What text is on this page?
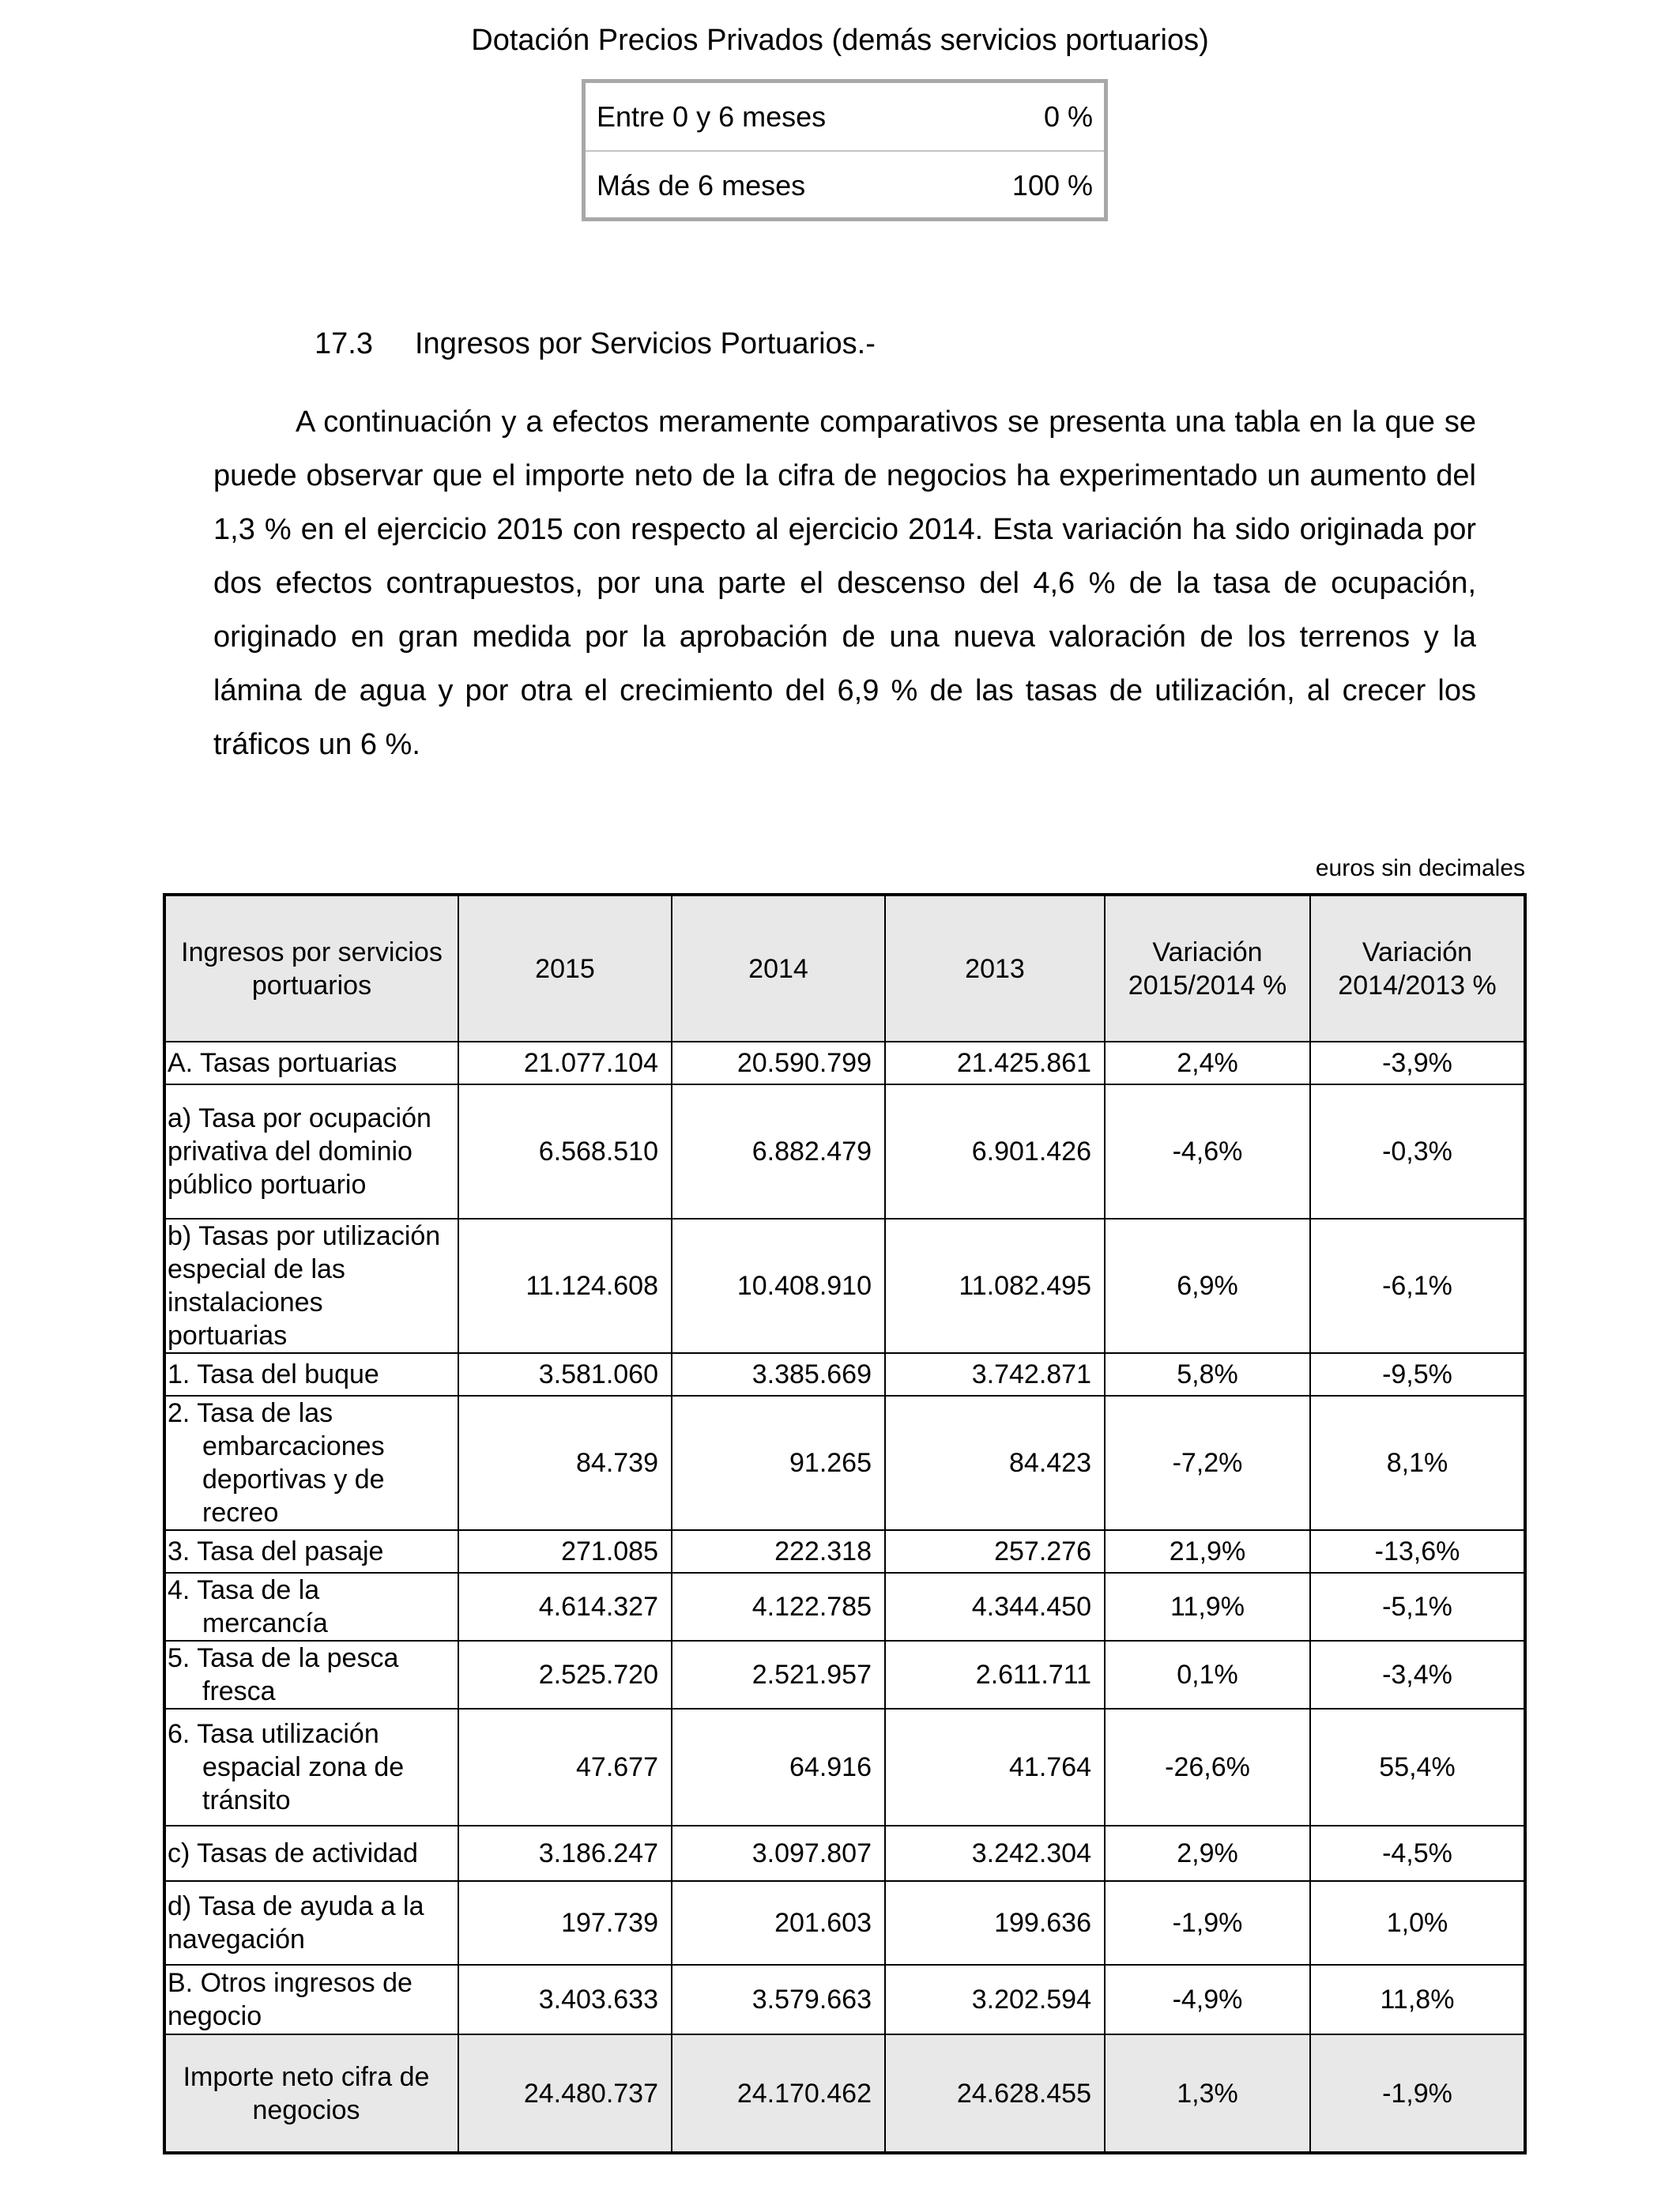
Dotación Precios Privados (demás servicios portuarios)
Entre 0 y 6 meses	0 %
Más de 6 meses	100 %
17.3 Ingresos por Servicios Portuarios.-

A continuación y a efectos meramente comparativos se presenta una tabla en la que se puede observar que el importe neto de la cifra de negocios ha experimentado un aumento del 1,3 % en el ejercicio 2015 con respecto al ejercicio 2014. Esta variación ha sido originada por dos efectos contrapuestos, por una parte el descenso del 4,6 % de la tasa de ocupación, originado en gran medida por la aprobación de una nueva valoración de los terrenos y la lámina de agua y por otra el crecimiento del 6,9 % de las tasas de utilización, al crecer los tráficos un 6 %.

euros sin decimales
Ingresos por servicios portuarios	2015	2014	2013	Variación 2015/2014 %	Variación 2014/2013 %
A. Tasas portuarias	21.077.104	20.590.799	21.425.861	2,4%	-3,9%
a) Tasa por ocupación privativa del dominio público portuario	6.568.510	6.882.479	6.901.426	-4,6%	-0,3%
b) Tasas por utilización especial de las instalaciones portuarias	11.124.608	10.408.910	11.082.495	6,9%	-6,1%
1. Tasa del buque	3.581.060	3.385.669	3.742.871	5,8%	-9,5%
2. Tasa de las embarcaciones deportivas y de recreo	84.739	91.265	84.423	-7,2%	8,1%
3. Tasa del pasaje	271.085	222.318	257.276	21,9%	-13,6%
4. Tasa de la mercancía	4.614.327	4.122.785	4.344.450	11,9%	-5,1%
5. Tasa de la pesca fresca	2.525.720	2.521.957	2.611.711	0,1%	-3,4%
6. Tasa utilización espacial zona de tránsito	47.677	64.916	41.764	-26,6%	55,4%
c) Tasas de actividad	3.186.247	3.097.807	3.242.304	2,9%	-4,5%
d) Tasa de ayuda a la navegación	197.739	201.603	199.636	-1,9%	1,0%
B. Otros ingresos de negocio	3.403.633	3.579.663	3.202.594	-4,9%	11,8%
Importe neto cifra de negocios	24.480.737	24.170.462	24.628.455	1,3%	-1,9%
